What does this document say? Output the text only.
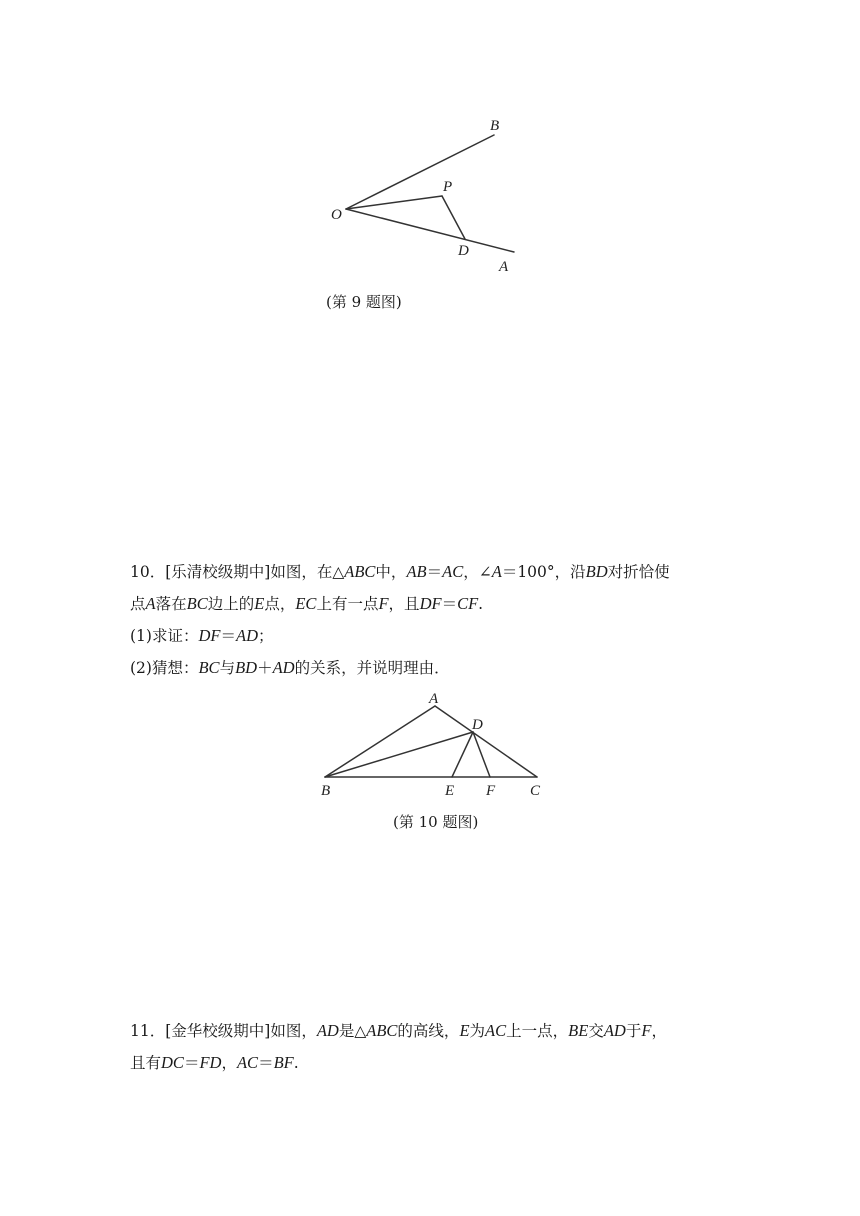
O
B
P
D
A
(第 9 题图)

10．[乐清校级期中]如图，在△ABC中，AB＝AC，∠A＝100°，沿BD对折恰使

点A落在BC边上的E点，EC上有一点F，且DF＝CF.

(1)求证：DF＝AD；

(2)猜想：BC与BD＋AD的关系，并说明理由．

A
D
B	E F C
(第 10 题图)

11．[金华校级期中]如图，AD是△ABC的高线，E为AC上一点，BE交AD于F，

且有DC＝FD，AC＝BF.
